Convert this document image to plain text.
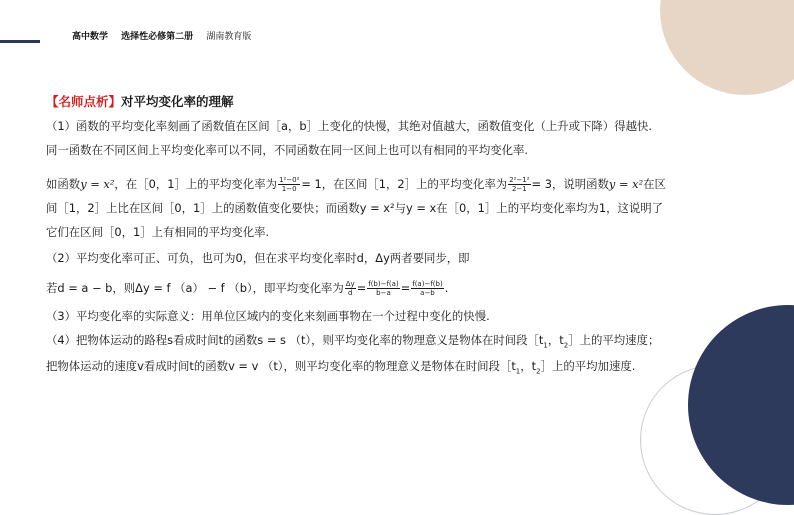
高中数学 选择性必修第二册 湖南教育版
【名师点析】对平均变化率的理解
（1）函数的平均变化率刻画了函数值在区间［a，b］上变化的快慢，其绝对值越大，函数值变化（上升或下降）得越快.
同一函数在不同区间上平均变化率可以不同，不同函数在同一区间上也可以有相同的平均变化率.
如函数y = x²，在［0，1］上的平均变化率为 $\frac{\text{1²−0²}}{1-0} = 1$，在区间［1，2］上的平均变化率为 $\frac{\text{2²−1²}}{2-1} = 3$，说明函数y = x²在区
间［1，2］上比在区间［0，1］上的函数值变化要快；而函数y = x²与y = x在［0，1］上的平均变化率均为1，这说明了
它们在区间［0，1］上有相同的平均变化率.
（2）平均变化率可正、可负，也可为0，但在求平均变化率时d，Δy两者要同步，即
若d = a − b，则Δy = f （a） − f （b），即平均变化率为 $\frac{\Delta y}{d} = \frac{f(b)-f(a)}{b-a} = \frac{f(a)-f(b)}{a-b}$ .
（3）平均变化率的实际意义：用单位区域内的变化来刻画事物在一个过程中变化的快慢.
（4）把物体运动的路程s看成时间t的函数s = s （t），则平均变化率的物理意义是物体在时间段$[t_1$，$t_2]$上的平均速度；
把物体运动的速度v看成时间t的函数v = v （t），则平均变化率的物理意义是物体在时间段$[t_1$，$t_2]$上的平均加速度.
